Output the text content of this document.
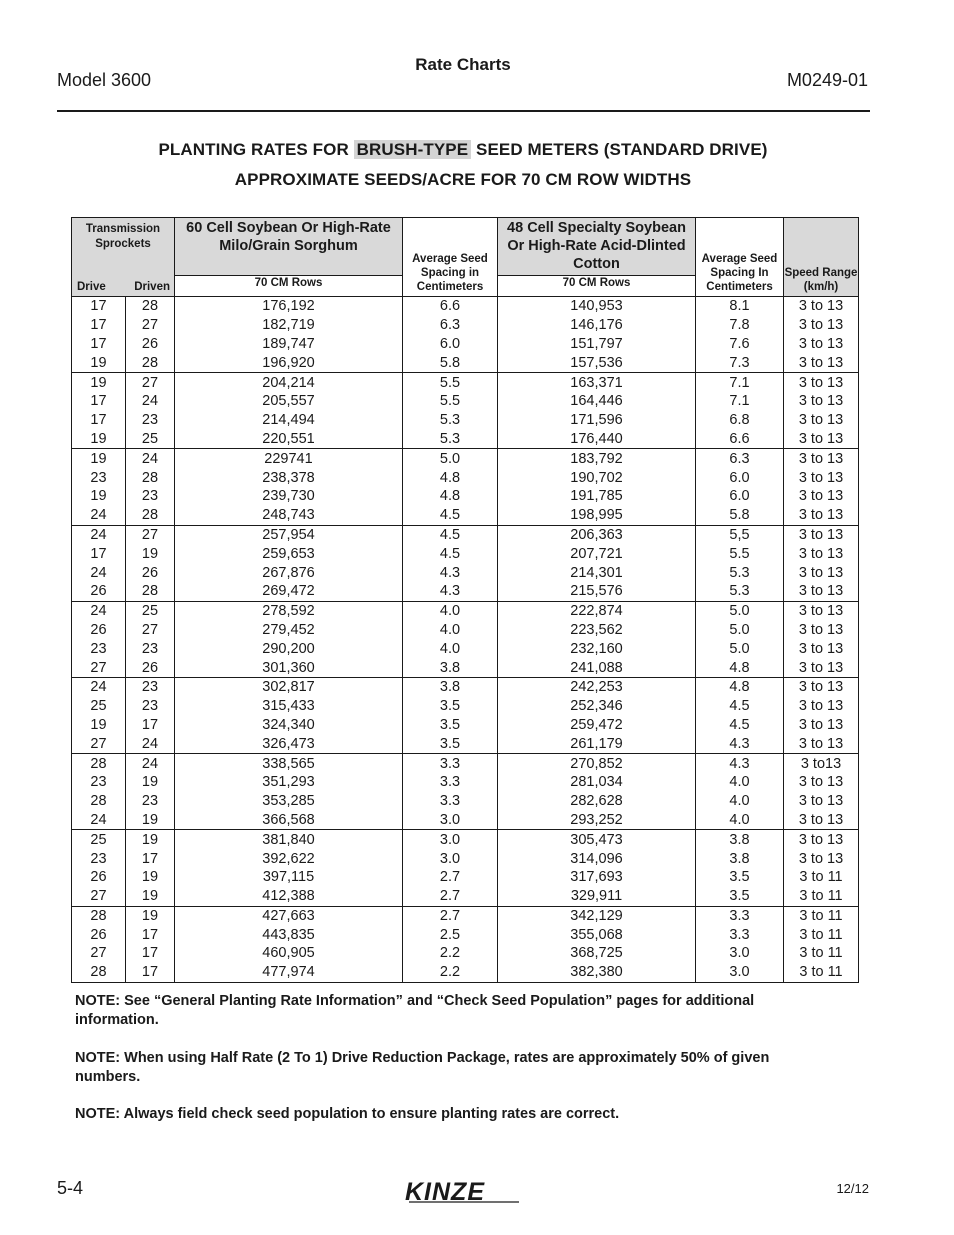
Model 3600
Rate Charts
M0249-01
PLANTING RATES FOR BRUSH-TYPE SEED METERS (STANDARD DRIVE)
APPROXIMATE SEEDS/ACRE FOR 70 CM ROW WIDTHS
Transmission Sprockets
Drive Driven		60 Cell Soybean Or High-Rate Milo/Grain Sorghum	Average Seed Spacing in Centimeters	48 Cell Specialty Soybean Or High-Rate Acid-Dlinted Cotton	Average Seed Spacing In Centimeters	Speed Range (km/h)
		70 CM Rows		70 CM Rows		
17	28	176,192	6.6	140,953	8.1	3 to 13
17	27	182,719	6.3	146,176	7.8	3 to 13
17	26	189,747	6.0	151,797	7.6	3 to 13
19	28	196,920	5.8	157,536	7.3	3 to 13
19	27	204,214	5.5	163,371	7.1	3 to 13
17	24	205,557	5.5	164,446	7.1	3 to 13
17	23	214,494	5.3	171,596	6.8	3 to 13
19	25	220,551	5.3	176,440	6.6	3 to 13
19	24	229741	5.0	183,792	6.3	3 to 13
23	28	238,378	4.8	190,702	6.0	3 to 13
19	23	239,730	4.8	191,785	6.0	3 to 13
24	28	248,743	4.5	198,995	5.8	3 to 13
24	27	257,954	4.5	206,363	5,5	3 to 13
17	19	259,653	4.5	207,721	5.5	3 to 13
24	26	267,876	4.3	214,301	5.3	3 to 13
26	28	269,472	4.3	215,576	5.3	3 to 13
24	25	278,592	4.0	222,874	5.0	3 to 13
26	27	279,452	4.0	223,562	5.0	3 to 13
23	23	290,200	4.0	232,160	5.0	3 to 13
27	26	301,360	3.8	241,088	4.8	3 to 13
24	23	302,817	3.8	242,253	4.8	3 to 13
25	23	315,433	3.5	252,346	4.5	3 to 13
19	17	324,340	3.5	259,472	4.5	3 to 13
27	24	326,473	3.5	261,179	4.3	3 to 13
28	24	338,565	3.3	270,852	4.3	3 to13
23	19	351,293	3.3	281,034	4.0	3 to 13
28	23	353,285	3.3	282,628	4.0	3 to 13
24	19	366,568	3.0	293,252	4.0	3 to 13
25	19	381,840	3.0	305,473	3.8	3 to 13
23	17	392,622	3.0	314,096	3.8	3 to 13
26	19	397,115	2.7	317,693	3.5	3 to 11
27	19	412,388	2.7	329,911	3.5	3 to 11
28	19	427,663	2.7	342,129	3.3	3 to 11
26	17	443,835	2.5	355,068	3.3	3 to 11
27	17	460,905	2.2	368,725	3.0	3 to 11
28	17	477,974	2.2	382,380	3.0	3 to 11
NOTE: See “General Planting Rate Information” and “Check Seed Population” pages for additional information.
NOTE: When using Half Rate (2 To 1) Drive Reduction Package, rates are approximately 50% of given numbers.
NOTE: Always field check seed population to ensure planting rates are correct.
5-4	KINZE	12/12
